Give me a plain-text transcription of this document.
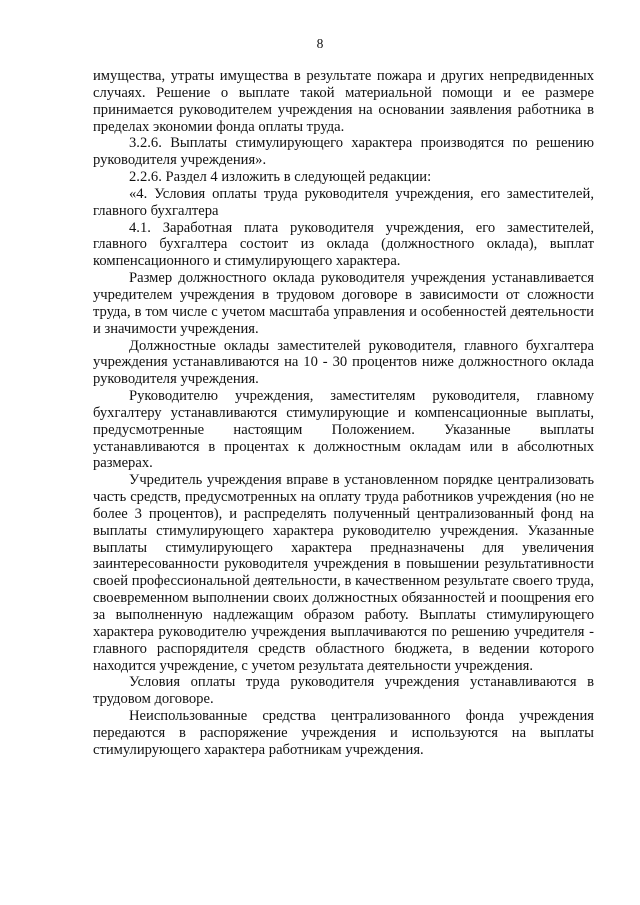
8

имущества, утраты имущества в результате пожара и других непредвиденных случаях. Решение о выплате такой материальной помощи и ее размере принимается руководителем учреждения на основании заявления работника в пределах экономии фонда оплаты труда.

3.2.6. Выплаты стимулирующего характера производятся по решению руководителя учреждения».

2.2.6. Раздел 4 изложить в следующей редакции:

«4. Условия оплаты труда руководителя учреждения, его заместителей, главного бухгалтера

4.1. Заработная плата руководителя учреждения, его заместителей, главного бухгалтера состоит из оклада (должностного оклада), выплат компенсационного и стимулирующего характера.

Размер должностного оклада руководителя учреждения устанавливается учредителем учреждения в трудовом договоре в зависимости от сложности труда, в том числе с учетом масштаба управления и особенностей деятельности и значимости учреждения.

Должностные оклады заместителей руководителя, главного бухгалтера учреждения устанавливаются на 10 - 30 процентов ниже должностного оклада руководителя учреждения.

Руководителю учреждения, заместителям руководителя, главному бухгалтеру устанавливаются стимулирующие и компенсационные выплаты, предусмотренные настоящим Положением. Указанные выплаты устанавливаются в процентах к должностным окладам или в абсолютных размерах.

Учредитель учреждения вправе в установленном порядке централизовать часть средств, предусмотренных на оплату труда работников учреждения (но не более 3 процентов), и распределять полученный централизованный фонд на выплаты стимулирующего характера руководителю учреждения. Указанные выплаты стимулирующего характера предназначены для увеличения заинтересованности руководителя учреждения в повышении результативности своей профессиональной деятельности, в качественном результате своего труда, своевременном выполнении своих должностных обязанностей и поощрения его за выполненную надлежащим образом работу. Выплаты стимулирующего характера руководителю учреждения выплачиваются по решению учредителя - главного распорядителя средств областного бюджета, в ведении которого находится учреждение, с учетом результата деятельности учреждения.

Условия оплаты труда руководителя учреждения устанавливаются в трудовом договоре.

Неиспользованные средства централизованного фонда учреждения передаются в распоряжение учреждения и используются на выплаты стимулирующего характера работникам учреждения.
